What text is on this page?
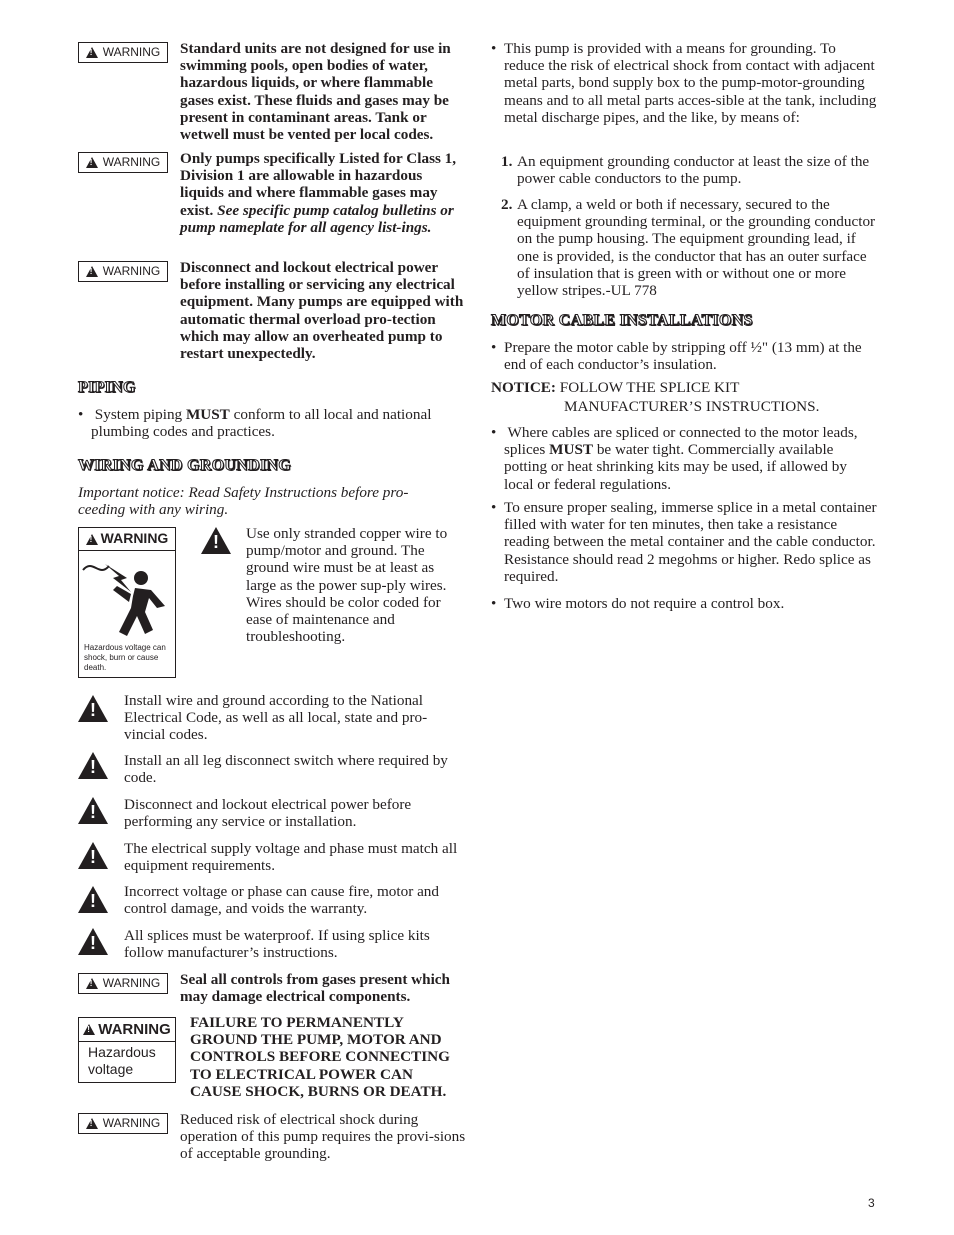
!
WARNING Standard units are not designed for use in swimming pools, open bodies of water, hazardous liquids, or where flammable gases exist. These fluids and gases may be present in contaminant areas. Tank or wetwell must be vented per local codes.
!
WARNING Only pumps specifically Listed for Class 1, Division 1 are allowable in hazardous liquids and where flammable gases may exist. See specific pump catalog bulletins or pump nameplate for all agency list-ings.
!
WARNING Disconnect and lockout electrical power before installing or servicing any electrical equipment. Many pumps are equipped with automatic thermal overload pro-tection which may allow an overheated pump to restart unexpectedly.
PIPING
• System piping MUST conform to all local and national plumbing codes and practices.
WIRING AND GROUNDING
Important notice: Read Safety Instructions before pro-ceeding with any wiring.
!
WARNING
Hazardous voltage can shock, burn or cause death.
!
Use only stranded copper wire to pump/motor and ground. The ground wire must be at least as large as the power sup-ply wires. Wires should be color coded for ease of maintenance and troubleshooting.
!
Install wire and ground according to the National Electrical Code, as well as all local, state and pro-vincial codes.
!
Install an all leg disconnect switch where required by code.
!
Disconnect and lockout electrical power before performing any service or installation.
!
The electrical supply voltage and phase must match all equipment requirements.
!
Incorrect voltage or phase can cause fire, motor and control damage, and voids the warranty.
!
All splices must be waterproof. If using splice kits follow manufacturer’s instructions.
!
WARNING Seal all controls from gases present which may damage electrical components.
!
WARNING
Hazardous voltage
FAILURE TO PERMANENTLY GROUND THE PUMP, MOTOR AND CONTROLS BEFORE CONNECTING TO ELECTRICAL POWER CAN CAUSE SHOCK, BURNS OR DEATH.
!
WARNING Reduced risk of electrical shock during operation of this pump requires the provi-sions of acceptable grounding.
• This pump is provided with a means for grounding. To reduce the risk of electrical shock from contact with adjacent metal parts, bond supply box to the pump-motor-grounding means and to all metal parts acces-sible at the tank, including metal discharge pipes, and the like, by means of:
1. An equipment grounding conductor at least the size of the power cable conductors to the pump.
2. A clamp, a weld or both if necessary, secured to the equipment grounding terminal, or the grounding conductor on the pump housing. The equipment grounding lead, if one is provided, is the conductor that has an outer surface of insulation that is green with or without one or more yellow stripes.-UL 778
MOTOR CABLE INSTALLATIONS
• Prepare the motor cable by stripping off ½" (13 mm) at the end of each conductor’s insulation.
NOTICE: FOLLOW THE SPLICE KIT
MANUFACTURER’S INSTRUCTIONS.
• Where cables are spliced or connected to the motor leads, splices MUST be water tight. Commercially available potting or heat shrinking kits may be used, if allowed by local or federal regulations.
• To ensure proper sealing, immerse splice in a metal container filled with water for ten minutes, then take a resistance reading between the metal container and the cable conductor. Resistance should read 2 megohms or higher. Redo splice as required.
• Two wire motors do not require a control box.
3
